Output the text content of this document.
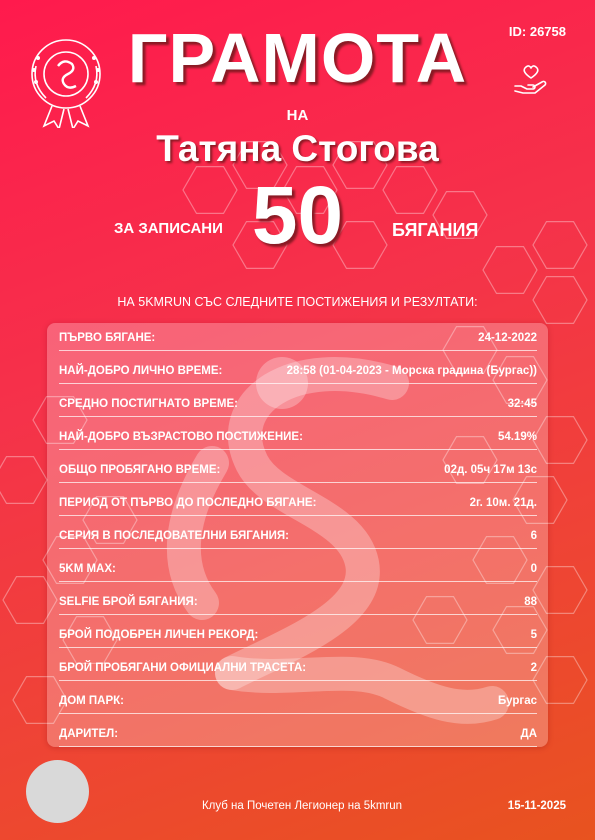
ID: 26758
ГРАМОТА
НА
Татяна Стогова
ЗА ЗАПИСАНИ 50	БЯГАНИЯ
НА 5KMRUN СЪС СЛЕДНИТЕ ПОСТИЖЕНИЯ И РЕЗУЛТАТИ:
ПЪРВО БЯГАНЕ:	24-12-2022
НАЙ-ДОБРО ЛИЧНО ВРЕМЕ:	28:58 (01-04-2023 - Морска градина (Бургас))
СРЕДНО ПОСТИГНАТО ВРЕМЕ:	32:45
НАЙ-ДОБРО ВЪЗРАСТОВО ПОСТИЖЕНИЕ:	54.19%
ОБЩО ПРОБЯГАНО ВРЕМЕ:	02д. 05ч 17м 13с
ПЕРИОД ОТ ПЪРВО ДО ПОСЛЕДНО БЯГАНЕ:	2г. 10м. 21д.
СЕРИЯ В ПОСЛЕДОВАТЕЛНИ БЯГАНИЯ:	6
5KM MAX:	0
SELFIE БРОЙ БЯГАНИЯ:	88
БРОЙ ПОДОБРЕН ЛИЧЕН РЕКОРД:	5
БРОЙ ПРОБЯГАНИ ОФИЦИАЛНИ ТРАСЕТА:	2
ДОМ ПАРК:	Бургас
ДАРИТЕЛ:	ДА
Клуб на Почетен Легионер на 5kmrun	15-11-2025
